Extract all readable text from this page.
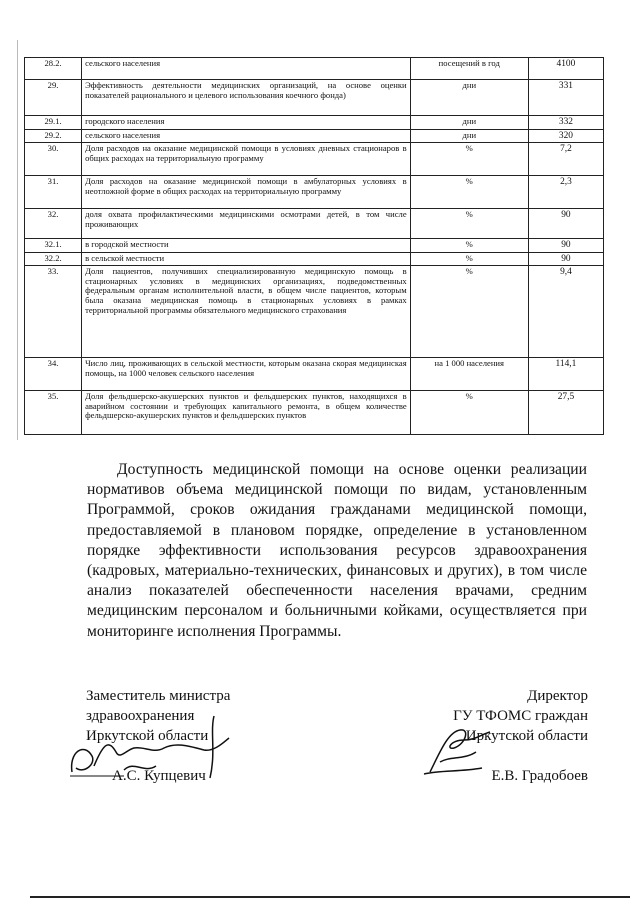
28.2.	сельского населения	посещений в год	4100
29.	Эффективность деятельности медицинских организаций, на основе оценки показателей рационального и целевого использования коечного фонда)	дни	331
29.1.	городского населения	дни	332
29.2.	сельского населения	дни	320
30.	Доля расходов на оказание медицинской помощи в условиях дневных стационаров в общих расходах на территориальную программу	%	7,2
31.	Доля расходов на оказание медицинской помощи в амбулаторных условиях в неотложной форме в общих расходах на территориальную программу	%	2,3
32.	доля охвата профилактическими медицинскими осмотрами детей, в том числе проживающих	%	90
32.1.	в городской местности	%	90
32.2.	в сельской местности	%	90
33.	Доля пациентов, получивших специализированную медицинскую помощь в стационарных условиях в медицинских организациях, подведомственных федеральным органам исполнительной власти, в общем числе пациентов, которым была оказана медицинская помощь в стационарных условиях в рамках территориальной программы обязательного медицинского страхования	%	9,4
34.	Число лиц, проживающих в сельской местности, которым оказана скорая медицинская помощь, на 1000 человек сельского населения	на 1 000 населения	114,1
35.	Доля фельдшерско-акушерских пунктов и фельдшерских пунктов, находящихся в аварийном состоянии и требующих капитального ремонта, в общем количестве фельдшерско-акушерских пунктов и фельдшерских пунктов	%	27,5
Доступность медицинской помощи на основе оценки реализации нормативов объема медицинской помощи по видам, установленным Программой, сроков ожидания гражданами медицинской помощи, предоставляемой в плановом порядке, определение в установленном порядке эффективности использования ресурсов здравоохранения (кадровых, материально-технических, финансовых и других), в том числе анализ показателей обеспеченности населения врачами, средним медицинским персоналом и больничными койками, осуществляется при мониторинге исполнения Программы.
Заместитель министра
здравоохранения
Иркутской области
А.С. Купцевич
Директор
ГУ ТФОМС граждан
Иркутской области
Е.В. Градобоев
